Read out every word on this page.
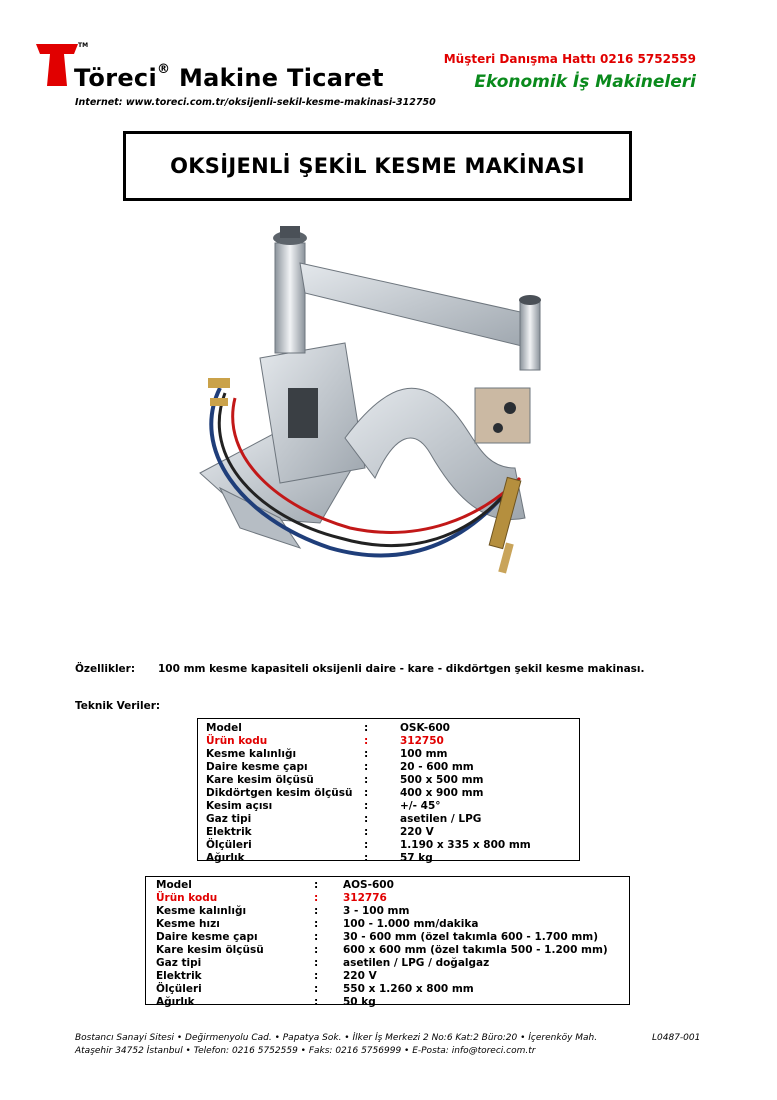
TM
Töreci® Makine Ticaret
Internet: www.toreci.com.tr/oksijenli-sekil-kesme-makinasi-312750
Müşteri Danışma Hattı 0216 5752559
Ekonomik İş Makineleri
OKSİJENLİ ŞEKİL KESME MAKİNASI
Özellikler: 100 mm kesme kapasiteli oksijenli daire - kare - dikdörtgen şekil kesme makinası.
Teknik Veriler:
Model	:	OSK-600
Ürün kodu	:	312750
Kesme kalınlığı	:	100 mm
Daire kesme çapı	:	20 - 600 mm
Kare kesim ölçüsü	:	500 x 500 mm
Dikdörtgen kesim ölçüsü	:	400 x 900 mm
Kesim açısı	:	+/- 45°
Gaz tipi	:	asetilen / LPG
Elektrik	:	220 V
Ölçüleri	:	1.190 x 335 x 800 mm
Ağırlık	:	57 kg
Model	:	AOS-600
Ürün kodu	:	312776
Kesme kalınlığı	:	3 - 100 mm
Kesme hızı	:	100 - 1.000 mm/dakika
Daire kesme çapı	:	30 - 600 mm (özel takımla 600 - 1.700 mm)
Kare kesim ölçüsü	:	600 x 600 mm (özel takımla 500 - 1.200 mm)
Gaz tipi	:	asetilen / LPG / doğalgaz
Elektrik	:	220 V
Ölçüleri	:	550 x 1.260 x 800 mm
Ağırlık	:	50 kg
Bostancı Sanayi Sitesi • Değirmenyolu Cad. • Papatya Sok. • İlker İş Merkezi 2 No:6 Kat:2 Büro:20 • İçerenköy Mah.
Ataşehir 34752 İstanbul • Telefon: 0216 5752559 • Faks: 0216 5756999 • E-Posta: info@toreci.com.tr
L0487-001
